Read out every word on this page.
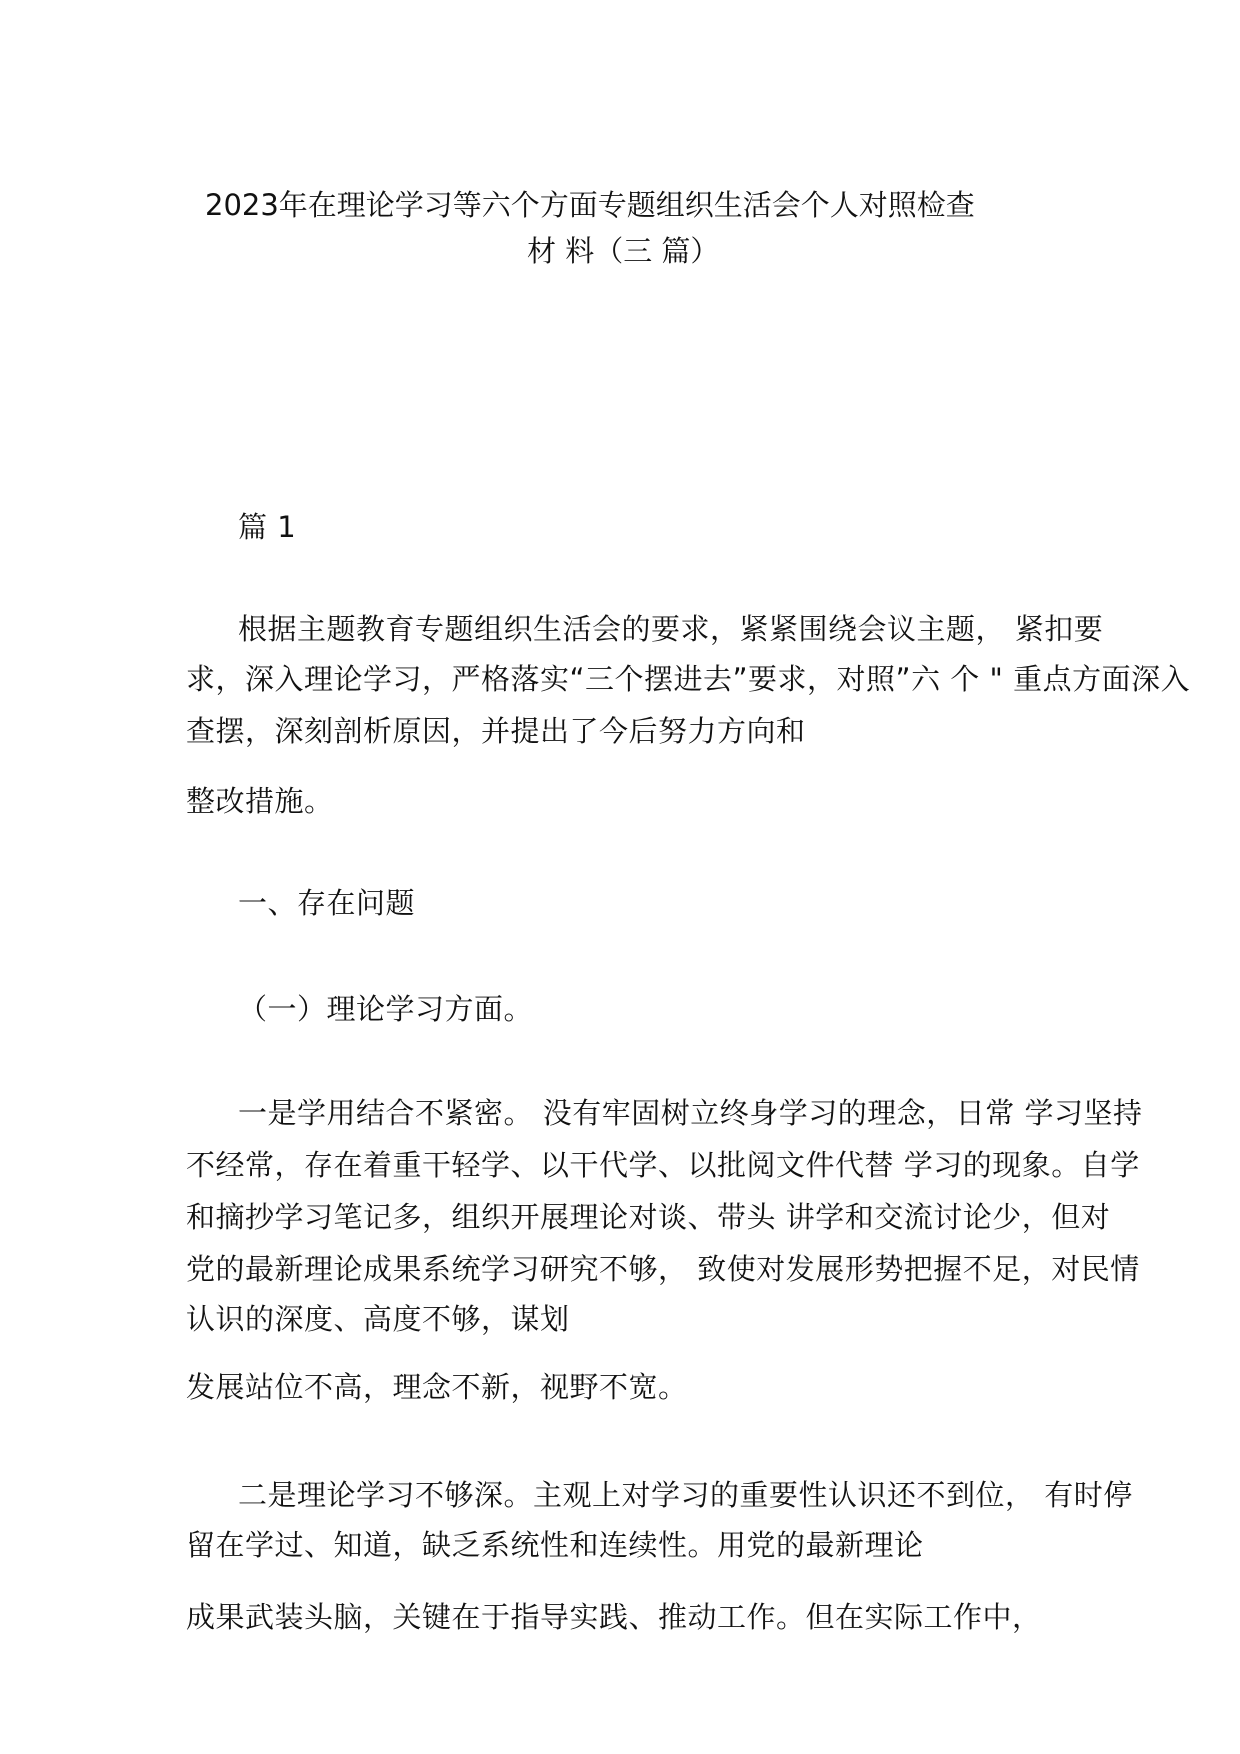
2023年在理论学习等六个方面专题组织生活会个人对照检查
材 料（三 篇）
篇 1
根据主题教育专题组织生活会的要求，紧紧围绕会议主题， 紧扣要
求，深入理论学习，严格落实“三个摆进去”要求，对照”六 个 " 重点方面深入
查摆，深刻剖析原因，并提出了今后努力方向和
整改措施。
一、存在问题
（一）理论学习方面。
一是学用结合不紧密。 没有牢固树立终身学习的理念，日常 学习坚持
不经常，存在着重干轻学、以干代学、以批阅文件代替 学习的现象。自学
和摘抄学习笔记多，组织开展理论对谈、带头 讲学和交流讨论少，但对
党的最新理论成果系统学习研究不够， 致使对发展形势把握不足，对民情
认识的深度、高度不够，谋划
发展站位不高，理念不新，视野不宽。
二是理论学习不够深。主观上对学习的重要性认识还不到位， 有时停
留在学过、知道，缺乏系统性和连续性。用党的最新理论
成果武装头脑，关键在于指导实践、推动工作。但在实际工作中，
